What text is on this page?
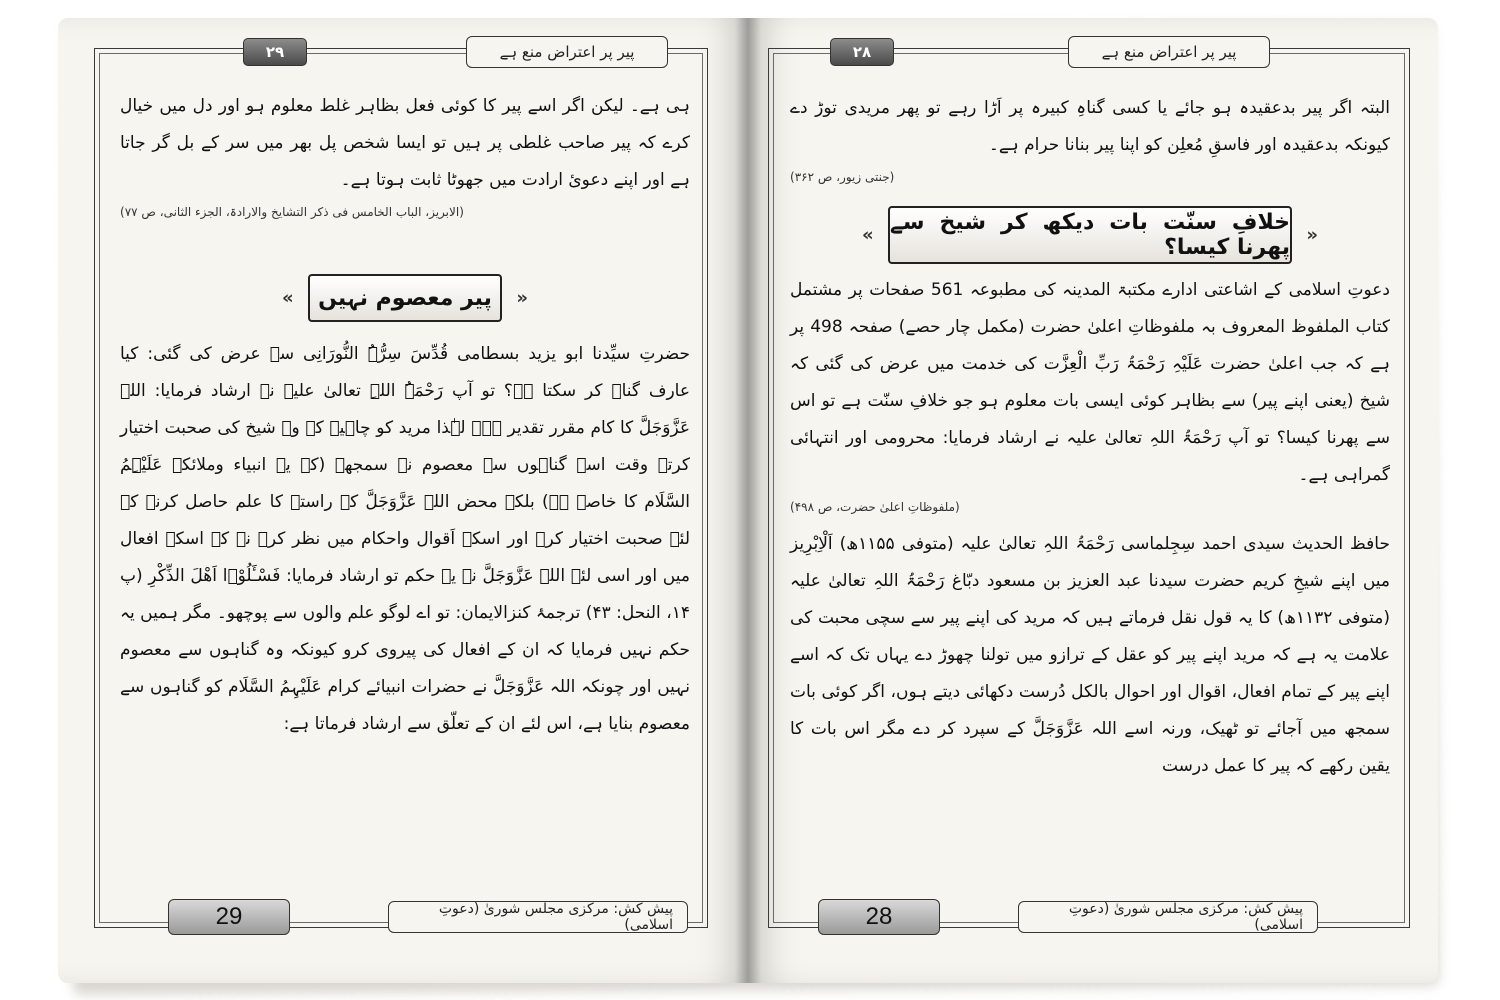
۲۹	پیر پر اعتراض منع ہے

ہی ہے۔ لیکن اگر اسے پیر کا کوئی فعل بظاہر غلط معلوم ہو اور دل میں خیال کرے کہ پیر صاحب غلطی پر ہیں تو ایسا شخص پل بھر میں سر کے بل گر جاتا ہے اور اپنے دعویٔ ارادت میں جھوٹا ثابت ہوتا ہے۔

(الابریز، الباب الخامس فی ذکر التشایخ والارادۃ، الجزء الثانی، ص ۷۷)

«
پیر معصوم نہیں
»

حضرتِ سیِّدنا ابو یزید بسطامی قُدِّسَ سِرُّہُ النُّورَانِی سے عرض کی گئی: کیا عارف گناہ کر سکتا ہے؟ تو آپ رَحْمَۃُ اللہِ تعالیٰ علیہ نے ارشاد فرمایا: اللہ عَزَّوَجَلَّ کا کام مقرر تقدیر ہے۔ لہٰذا مرید کو چاہیے کہ وہ شیخ کی صحبت اختیار کرتے وقت اسے گناہوں سے معصوم نہ سمجھے (کہ یہ انبیاء وملائکہ عَلَیْہِمُ السَّلَام کا خاصہ ہے) بلکہ محض اللہ عَزَّوَجَلَّ کے راستے کا علم حاصل کرنے کے لئے صحبت اختیار کرے اور اسکے اَقوال واحکام میں نظر کرے نہ کہ اسکے افعال میں اور اسی لئے اللہ عَزَّوَجَلَّ نے یہ حکم تو ارشاد فرمایا: فَسْـَٔلُوْۤا اَهْلَ الذِّكْرِ (پ ۱۴، النحل: ۴۳) ترجمۂ کنزالایمان: تو اے لوگو علم والوں سے پوچھو۔ مگر ہمیں یہ حکم نہیں فرمایا کہ ان کے افعال کی پیروی کرو کیونکہ وہ گناہوں سے معصوم نہیں اور چونکہ اللہ عَزَّوَجَلَّ نے حضرات انبیائے کرام عَلَیْہِمُ السَّلَام کو گناہوں سے معصوم بنایا ہے، اس لئے ان کے تعلّق سے ارشاد فرماتا ہے:

29	پیش کش: مرکزی مجلس شوریٰ (دعوتِ اسلامی)
۲۸	پیر پر اعتراض منع ہے

البتہ اگر پیر بدعقیدہ ہو جائے یا کسی گناہِ کبیرہ پر اَڑا رہے تو پھر مریدی توڑ دے کیونکہ بدعقیدہ اور فاسقِ مُعلِن کو اپنا پیر بنانا حرام ہے۔

(جنتی زیور، ص ۳۶۲)

«
خلافِ سنّت بات دیکھ کر شیخ سے پھرنا کیسا؟
»

دعوتِ اسلامی کے اشاعتی ادارے مکتبۃ المدینہ کی مطبوعہ 561 صفحات پر مشتمل کتاب الملفوظ المعروف بہ ملفوظاتِ اعلیٰ حضرت (مکمل چار حصے) صفحہ 498 پر ہے کہ جب اعلیٰ حضرت عَلَیْہِ رَحْمَۃُ رَبِّ الْعِزَّت کی خدمت میں عرض کی گئی کہ شیخ (یعنی اپنے پیر) سے بظاہر کوئی ایسی بات معلوم ہو جو خلافِ سنّت ہے تو اس سے پھرنا کیسا؟ تو آپ رَحْمَۃُ اللہِ تعالیٰ علیہ نے ارشاد فرمایا: محرومی اور انتہائی گمراہی ہے۔

(ملفوظاتِ اعلیٰ حضرت، ص ۴۹۸)

حافظ الحدیث سیدی احمد سِجِلماسی رَحْمَۃُ اللہِ تعالیٰ علیہ (متوفی ۱۱۵۵ھ) اَلْاِبْرِیز میں اپنے شیخِ کریم حضرت سیدنا عبد العزیز بن مسعود دبّاغ رَحْمَۃُ اللہِ تعالیٰ علیہ (متوفی ۱۱۳۲ھ) کا یہ قول نقل فرماتے ہیں کہ مرید کی اپنے پیر سے سچی محبت کی علامت یہ ہے کہ مرید اپنے پیر کو عقل کے ترازو میں تولنا چھوڑ دے یہاں تک کہ اسے اپنے پیر کے تمام افعال، اقوال اور احوال بالکل دُرست دکھائی دیتے ہوں، اگر کوئی بات سمجھ میں آجائے تو ٹھیک، ورنہ اسے اللہ عَزَّوَجَلَّ کے سپرد کر دے مگر اس بات کا یقین رکھے کہ پیر کا عمل درست

28	پیش کش: مرکزی مجلس شوریٰ (دعوتِ اسلامی)
